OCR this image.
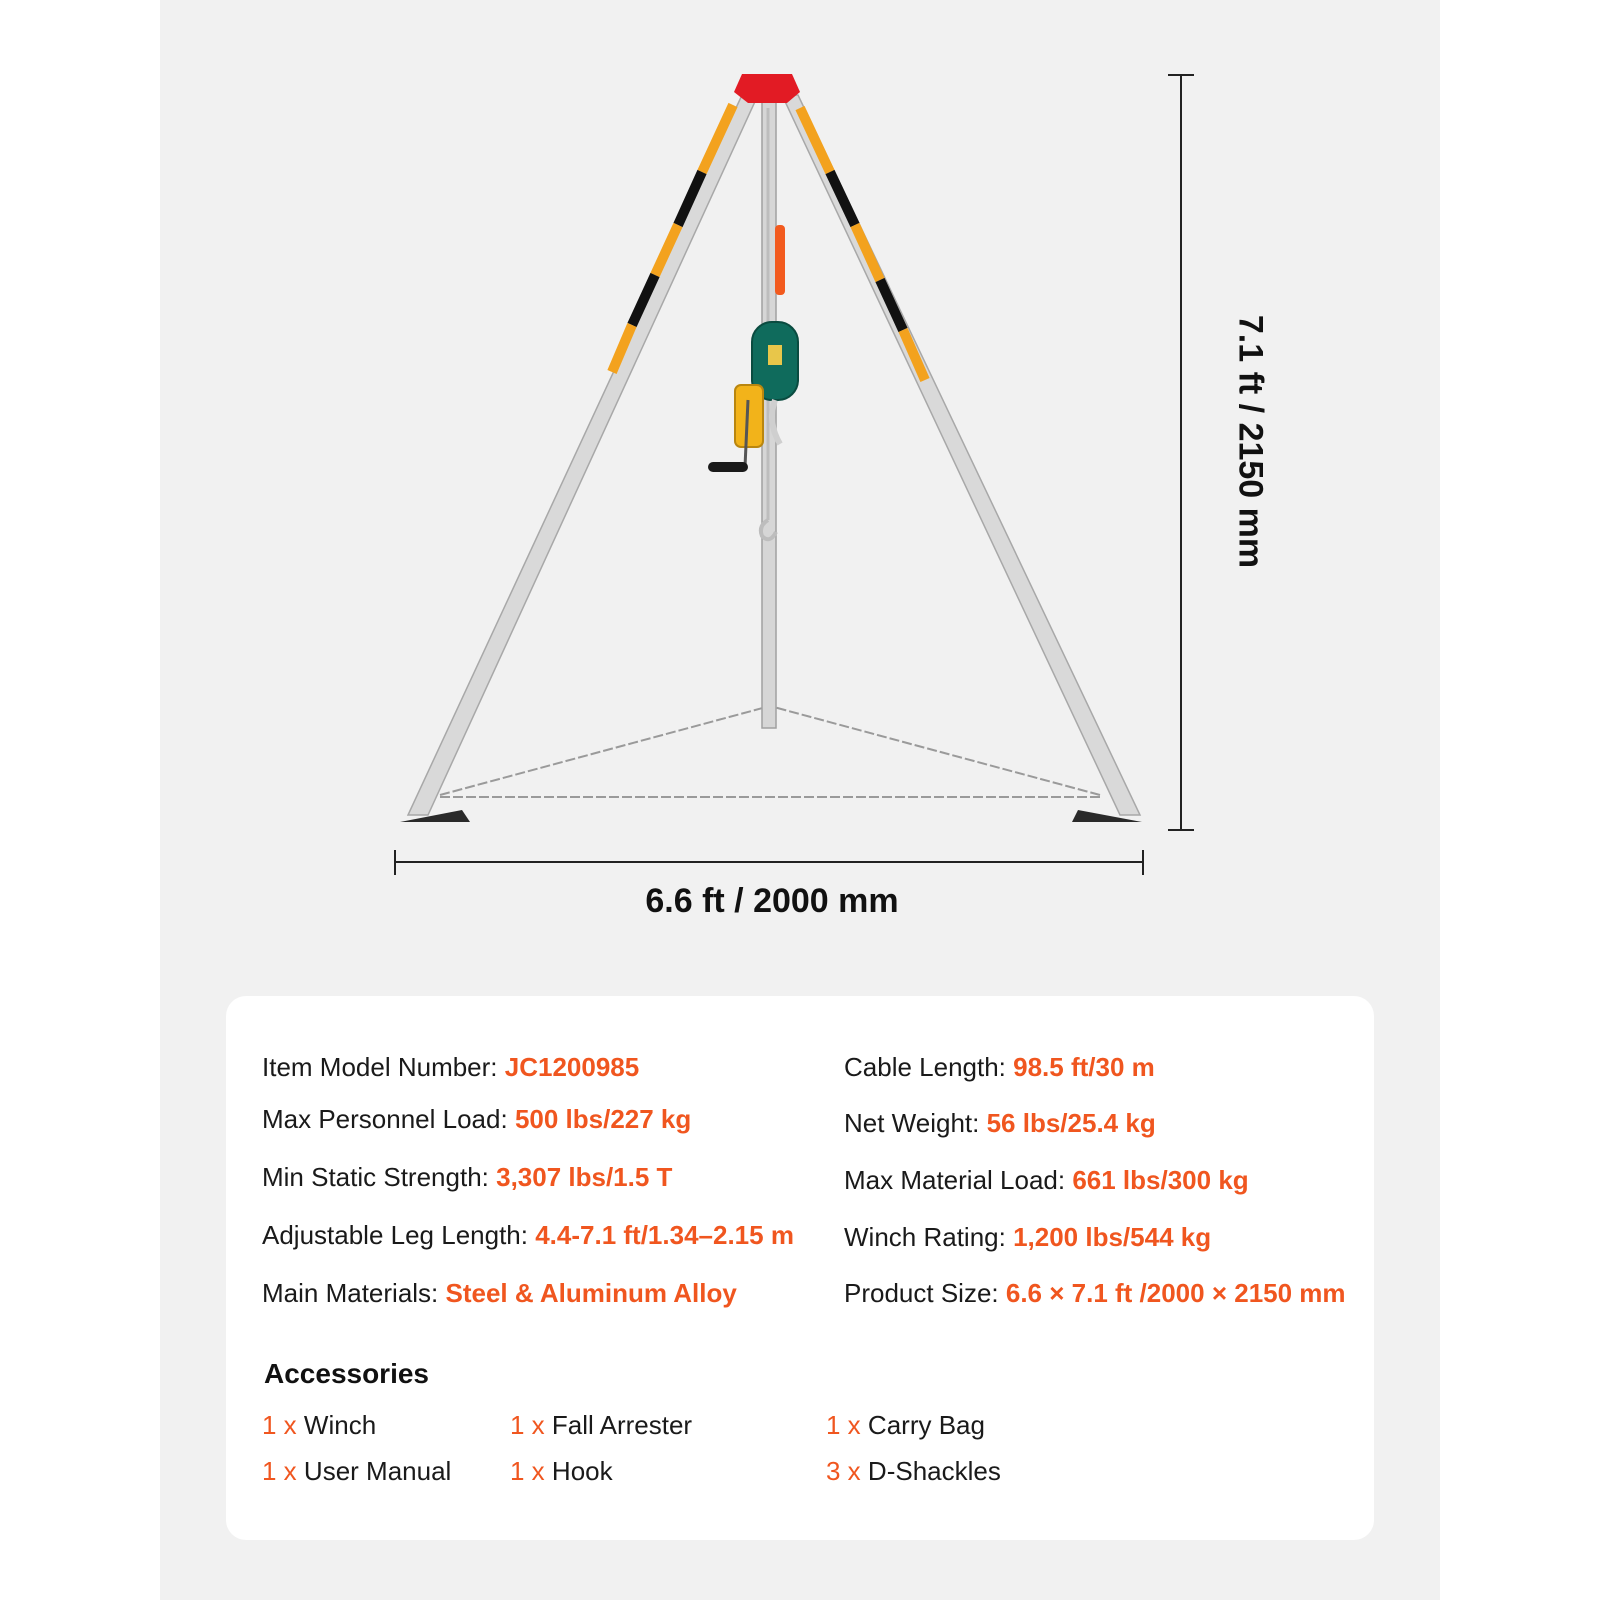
6.6 ft / 2000 mm
7.1 ft / 2150 mm
Item Model Number: JC1200985
Max Personnel Load: 500 lbs/227 kg
Min Static Strength: 3,307 lbs/1.5 T
Adjustable Leg Length: 4.4-7.1 ft/1.34–2.15 m
Main Materials: Steel & Aluminum Alloy
Cable Length: 98.5 ft/30 m
Net Weight: 56 lbs/25.4 kg
Max Material Load: 661 lbs/300 kg
Winch Rating: 1,200 lbs/544 kg
Product Size: 6.6 × 7.1 ft /2000 × 2150 mm
Accessories
1 x Winch	1 x Fall Arrester	1 x Carry Bag
1 x User Manual 1 x Hook	3 x D-Shackles
